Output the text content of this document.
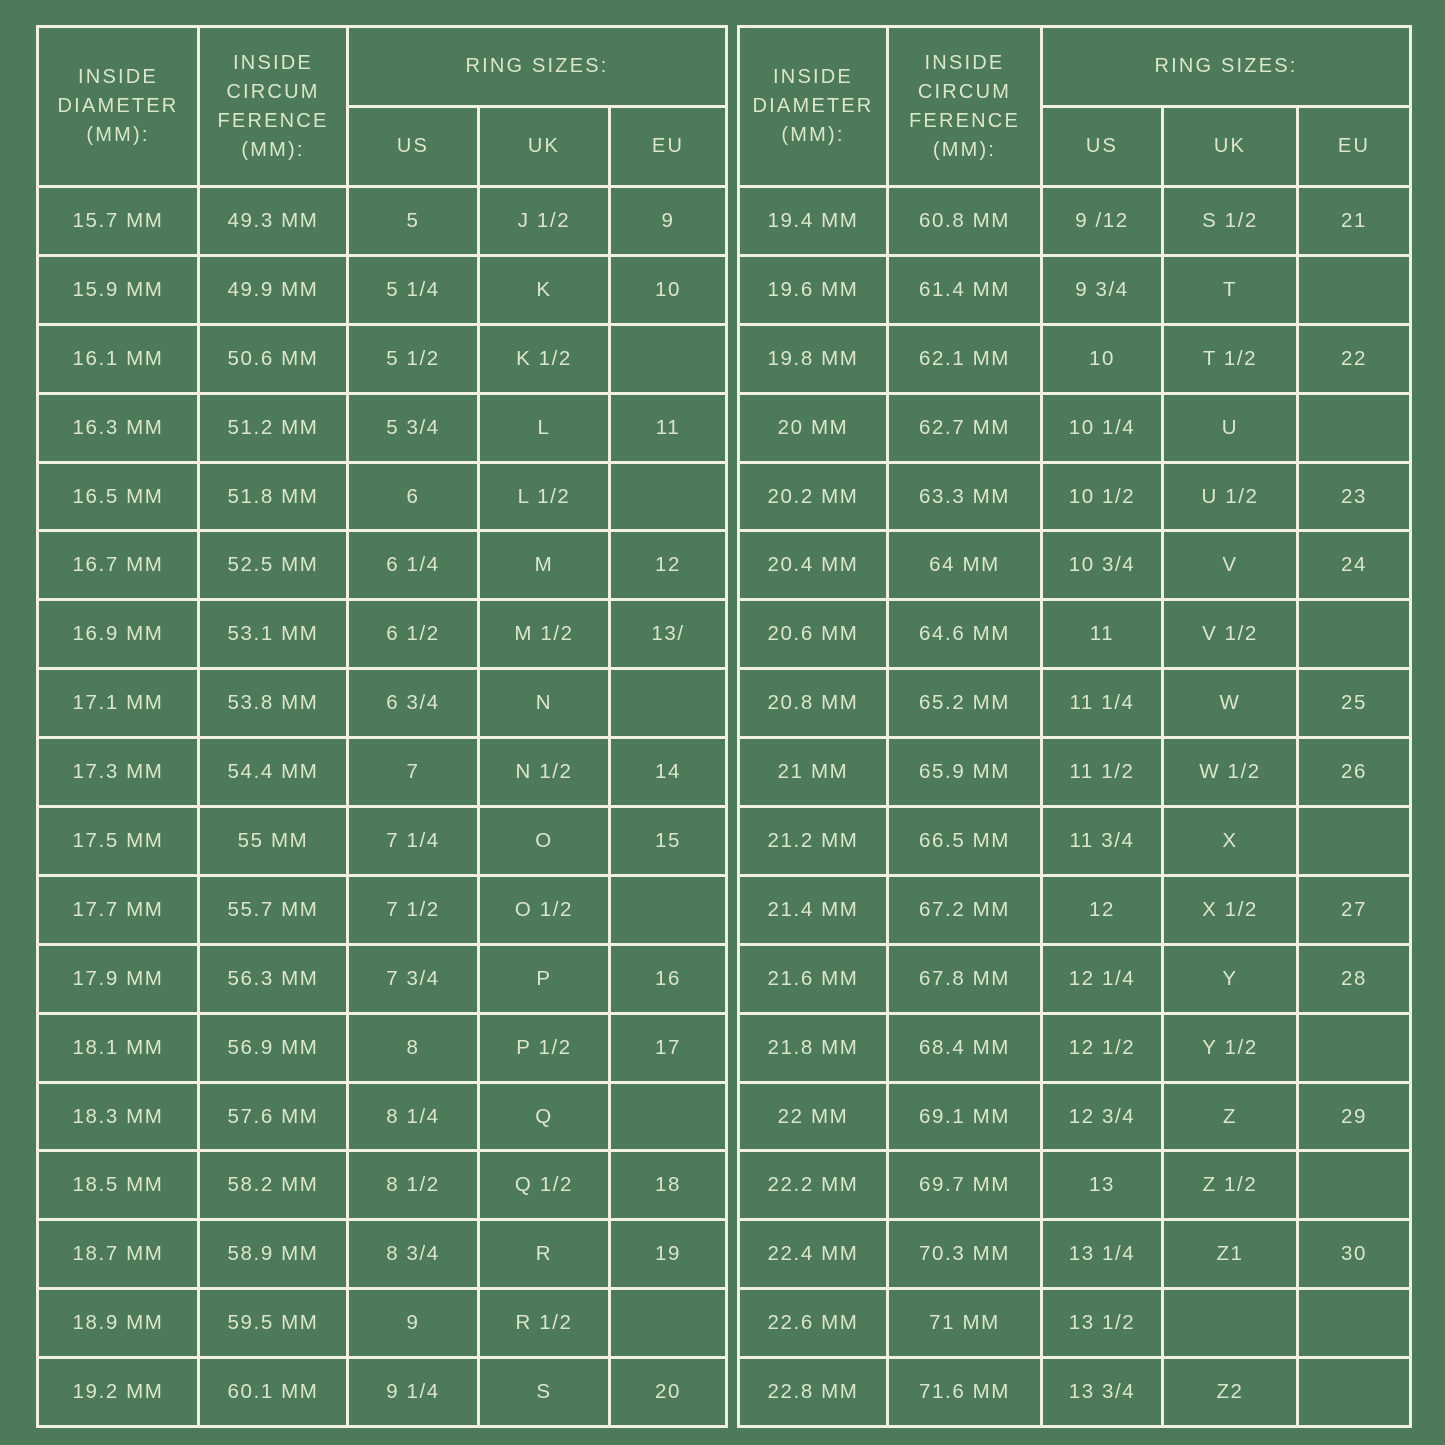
INSIDE DIAMETER (MM):	INSIDE CIRCUM FERENCE (MM):	RING SIZES:		
		US	UK	EU
15.7 MM	49.3 MM	5	J 1/2	9
15.9 MM	49.9 MM	5 1/4	K	10
16.1 MM	50.6 MM	5 1/2	K 1/2	
16.3 MM	51.2 MM	5 3/4	L	11
16.5 MM	51.8 MM	6	L 1/2	
16.7 MM	52.5 MM	6 1/4	M	12
16.9 MM	53.1 MM	6 1/2	M 1/2	13/
17.1 MM	53.8 MM	6 3/4	N	
17.3 MM	54.4 MM	7	N 1/2	14
17.5 MM	55 MM	7 1/4	O	15
17.7 MM	55.7 MM	7 1/2	O 1/2	
17.9 MM	56.3 MM	7 3/4	P	16
18.1 MM	56.9 MM	8	P 1/2	17
18.3 MM	57.6 MM	8 1/4	Q	
18.5 MM	58.2 MM	8 1/2	Q 1/2	18
18.7 MM	58.9 MM	8 3/4	R	19
18.9 MM	59.5 MM	9	R 1/2	
19.2 MM	60.1 MM	9 1/4	S	20
INSIDE DIAMETER (MM):	INSIDE CIRCUM FERENCE (MM):	RING SIZES:		
		US	UK	EU
19.4 MM	60.8 MM	9 /12	S 1/2	21
19.6 MM	61.4 MM	9 3/4	T	
19.8 MM	62.1 MM	10	T 1/2	22
20 MM	62.7 MM	10 1/4	U	
20.2 MM	63.3 MM	10 1/2	U 1/2	23
20.4 MM	64 MM	10 3/4	V	24
20.6 MM	64.6 MM	11	V 1/2	
20.8 MM	65.2 MM	11 1/4	W	25
21 MM	65.9 MM	11 1/2	W 1/2	26
21.2 MM	66.5 MM	11 3/4	X	
21.4 MM	67.2 MM	12	X 1/2	27
21.6 MM	67.8 MM	12 1/4	Y	28
21.8 MM	68.4 MM	12 1/2	Y 1/2	
22 MM	69.1 MM	12 3/4	Z	29
22.2 MM	69.7 MM	13	Z 1/2	
22.4 MM	70.3 MM	13 1/4	Z1	30
22.6 MM	71 MM	13 1/2		
22.8 MM	71.6 MM	13 3/4	Z2	
